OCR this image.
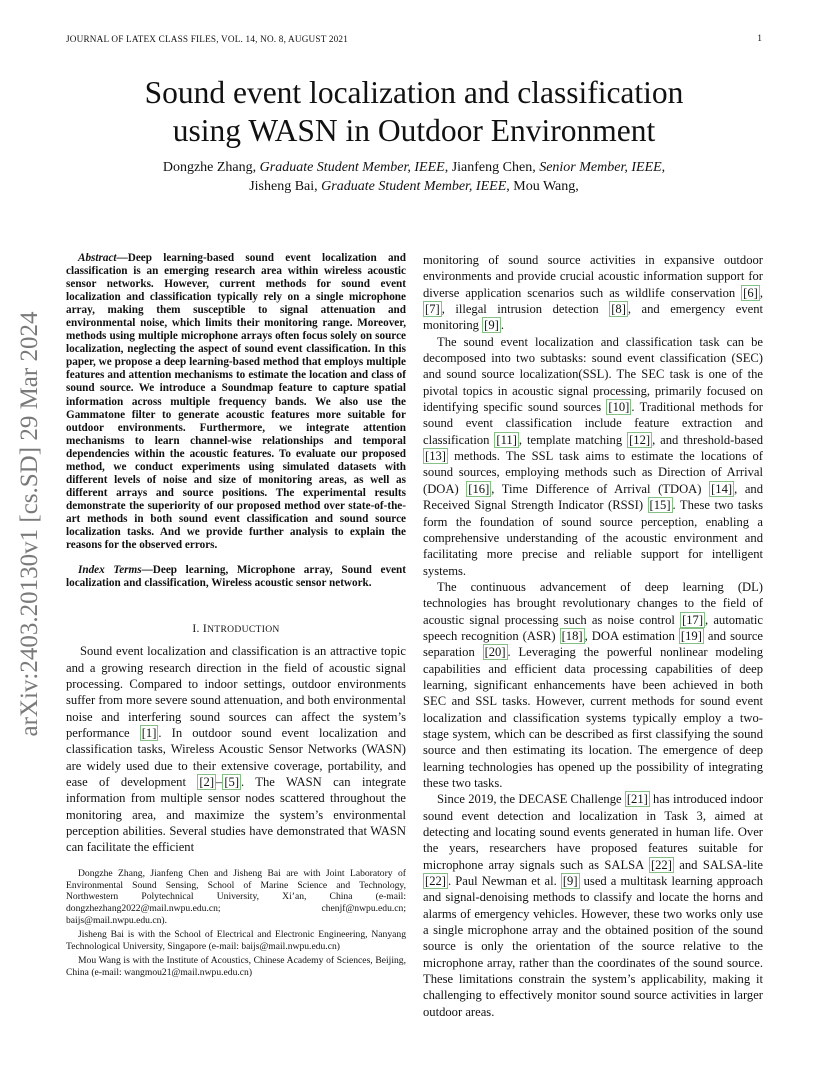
JOURNAL OF LATEX CLASS FILES, VOL. 14, NO. 8, AUGUST 2021	1
arXiv:2403.20130v1 [cs.SD] 29 Mar 2024
Sound event localization and classification
using WASN in Outdoor Environment
Dongzhe Zhang, Graduate Student Member, IEEE, Jianfeng Chen, Senior Member, IEEE,
Jisheng Bai, Graduate Student Member, IEEE, Mou Wang,

Abstract—Deep learning-based sound event localization and classification is an emerging research area within wireless acoustic sensor networks. However, current methods for sound event localization and classification typically rely on a single microphone array, making them susceptible to signal attenuation and environmental noise, which limits their monitoring range. Moreover, methods using multiple microphone arrays often focus solely on source localization, neglecting the aspect of sound event classification. In this paper, we propose a deep learning-based method that employs multiple features and attention mechanisms to estimate the location and class of sound source. We introduce a Soundmap feature to capture spatial information across multiple frequency bands. We also use the Gammatone filter to generate acoustic features more suitable for outdoor environments. Furthermore, we integrate attention mechanisms to learn channel-wise relationships and temporal dependencies within the acoustic features. To evaluate our proposed method, we conduct experiments using simulated datasets with different levels of noise and size of monitoring areas, as well as different arrays and source positions. The experimental results demonstrate the superiority of our proposed method over state-of-the-art methods in both sound event classification and sound source localization tasks. And we provide further analysis to explain the reasons for the observed errors.

Index Terms—Deep learning, Microphone array, Sound event localization and classification, Wireless acoustic sensor network.

I. INTRODUCTION

Sound event localization and classification is an attractive topic and a growing research direction in the field of acoustic signal processing. Compared to indoor settings, outdoor environments suffer from more severe sound attenuation, and both environmental noise and interfering sound sources can affect the system’s performance [1] . In outdoor sound event localization and classification tasks, Wireless Acoustic Sensor Networks (WASN) are widely used due to their extensive coverage, portability, and ease of development [2] – [5] . The WASN can integrate information from multiple sensor nodes scattered throughout the monitoring area, and maximize the system’s environmental perception abilities. Several studies have demonstrated that WASN can facilitate the efficient

Dongzhe Zhang, Jianfeng Chen and Jisheng Bai are with Joint Laboratory of Environmental Sound Sensing, School of Marine Science and Technology, Northwestern Polytechnical University, Xi’an, China (e-mail: dongzhezhang2022@mail.nwpu.edu.cn; chenjf@nwpu.edu.cn; baijs@mail.nwpu.edu.cn).

Jisheng Bai is with the School of Electrical and Electronic Engineering, Nanyang Technological University, Singapore (e-mail: baijs@mail.nwpu.edu.cn)

Mou Wang is with the Institute of Acoustics, Chinese Academy of Sciences, Beijing, China (e-mail: wangmou21@mail.nwpu.edu.cn)

monitoring of sound source activities in expansive outdoor environments and provide crucial acoustic information support for diverse application scenarios such as wildlife conservation [6] , [7] , illegal intrusion detection [8] , and emergency event monitoring [9] .

The sound event localization and classification task can be decomposed into two subtasks: sound event classification (SEC) and sound source localization(SSL). The SEC task is one of the pivotal topics in acoustic signal processing, primarily focused on identifying specific sound sources [10] . Traditional methods for sound event classification include feature extraction and classification [11] , template matching [12] , and threshold-based [13] methods. The SSL task aims to estimate the locations of sound sources, employing methods such as Direction of Arrival (DOA) [16] , Time Difference of Arrival (TDOA) [14] , and Received Signal Strength Indicator (RSSI) [15] . These two tasks form the foundation of sound source perception, enabling a comprehensive understanding of the acoustic environment and facilitating more precise and reliable support for intelligent systems.

The continuous advancement of deep learning (DL) technologies has brought revolutionary changes to the field of acoustic signal processing such as noise control [17] , automatic speech recognition (ASR) [18] , DOA estimation [19] and source separation [20] . Leveraging the powerful nonlinear modeling capabilities and efficient data processing capabilities of deep learning, significant enhancements have been achieved in both SEC and SSL tasks. However, current methods for sound event localization and classification systems typically employ a two-stage system, which can be described as first classifying the sound source and then estimating its location. The emergence of deep learning technologies has opened up the possibility of integrating these two tasks.

Since 2019, the DECASE Challenge [21] has introduced indoor sound event detection and localization in Task 3, aimed at detecting and locating sound events generated in human life. Over the years, researchers have proposed features suitable for microphone array signals such as SALSA [22] and SALSA-lite [22] . Paul Newman et al. [9] used a multitask learning approach and signal-denoising methods to classify and locate the horns and alarms of emergency vehicles. However, these two works only use a single microphone array and the obtained position of the sound source is only the orientation of the source relative to the microphone array, rather than the coordinates of the sound source. These limitations constrain the system’s applicability, making it challenging to effectively monitor sound source activities in larger outdoor areas.
